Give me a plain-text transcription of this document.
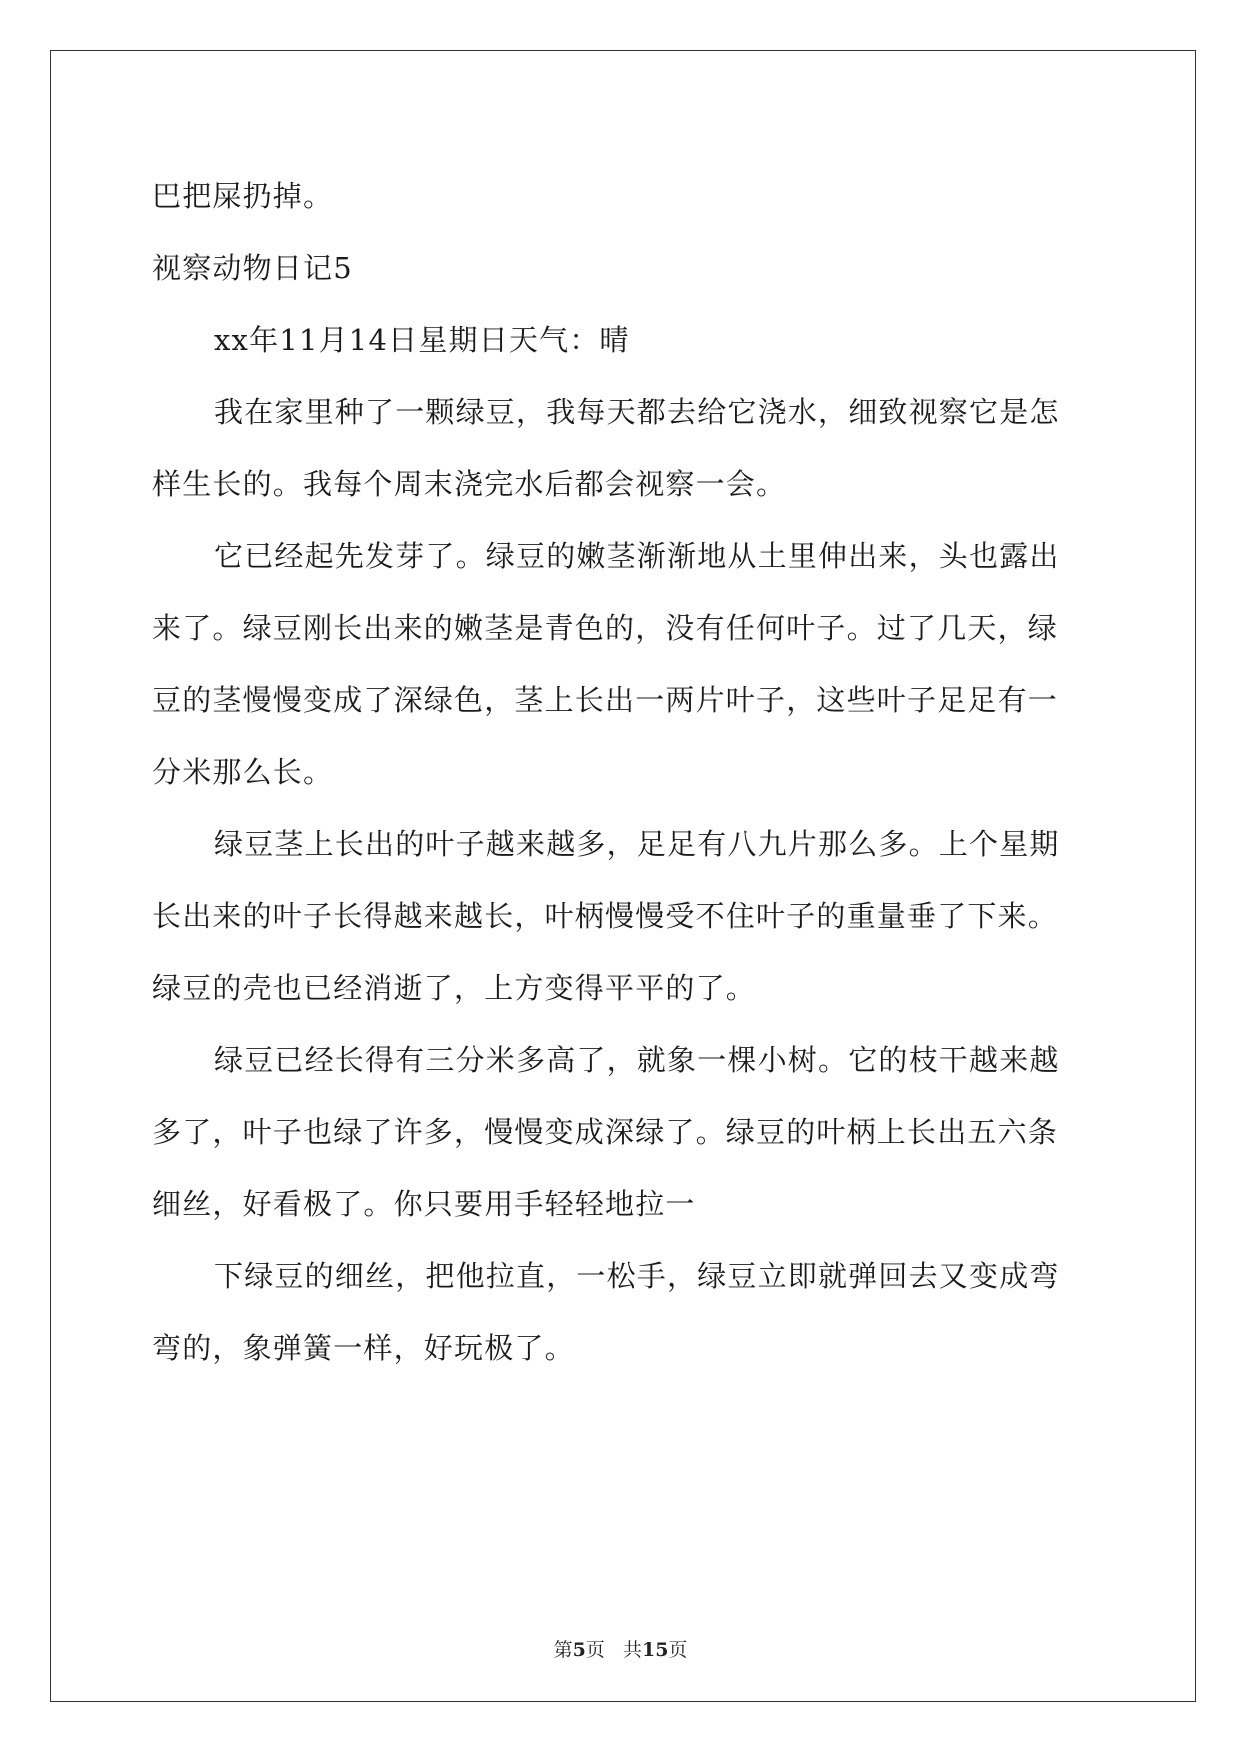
巴把屎扔掉。
视察动物日记5
xx年11月14日星期日天气：晴
我在家里种了一颗绿豆，我每天都去给它浇水，细致视察它是怎
样生长的。我每个周末浇完水后都会视察一会。
它已经起先发芽了。绿豆的嫩茎渐渐地从土里伸出来，头也露出
来了。绿豆刚长出来的嫩茎是青色的，没有任何叶子。过了几天，绿
豆的茎慢慢变成了深绿色，茎上长出一两片叶子，这些叶子足足有一
分米那么长。
绿豆茎上长出的叶子越来越多，足足有八九片那么多。上个星期
长出来的叶子长得越来越长，叶柄慢慢受不住叶子的重量垂了下来。
绿豆的壳也已经消逝了，上方变得平平的了。
绿豆已经长得有三分米多高了，就象一棵小树。它的枝干越来越
多了，叶子也绿了许多，慢慢变成深绿了。绿豆的叶柄上长出五六条
细丝，好看极了。你只要用手轻轻地拉一
下绿豆的细丝，把他拉直，一松手，绿豆立即就弹回去又变成弯
弯的，象弹簧一样，好玩极了。
第5页 共15页
